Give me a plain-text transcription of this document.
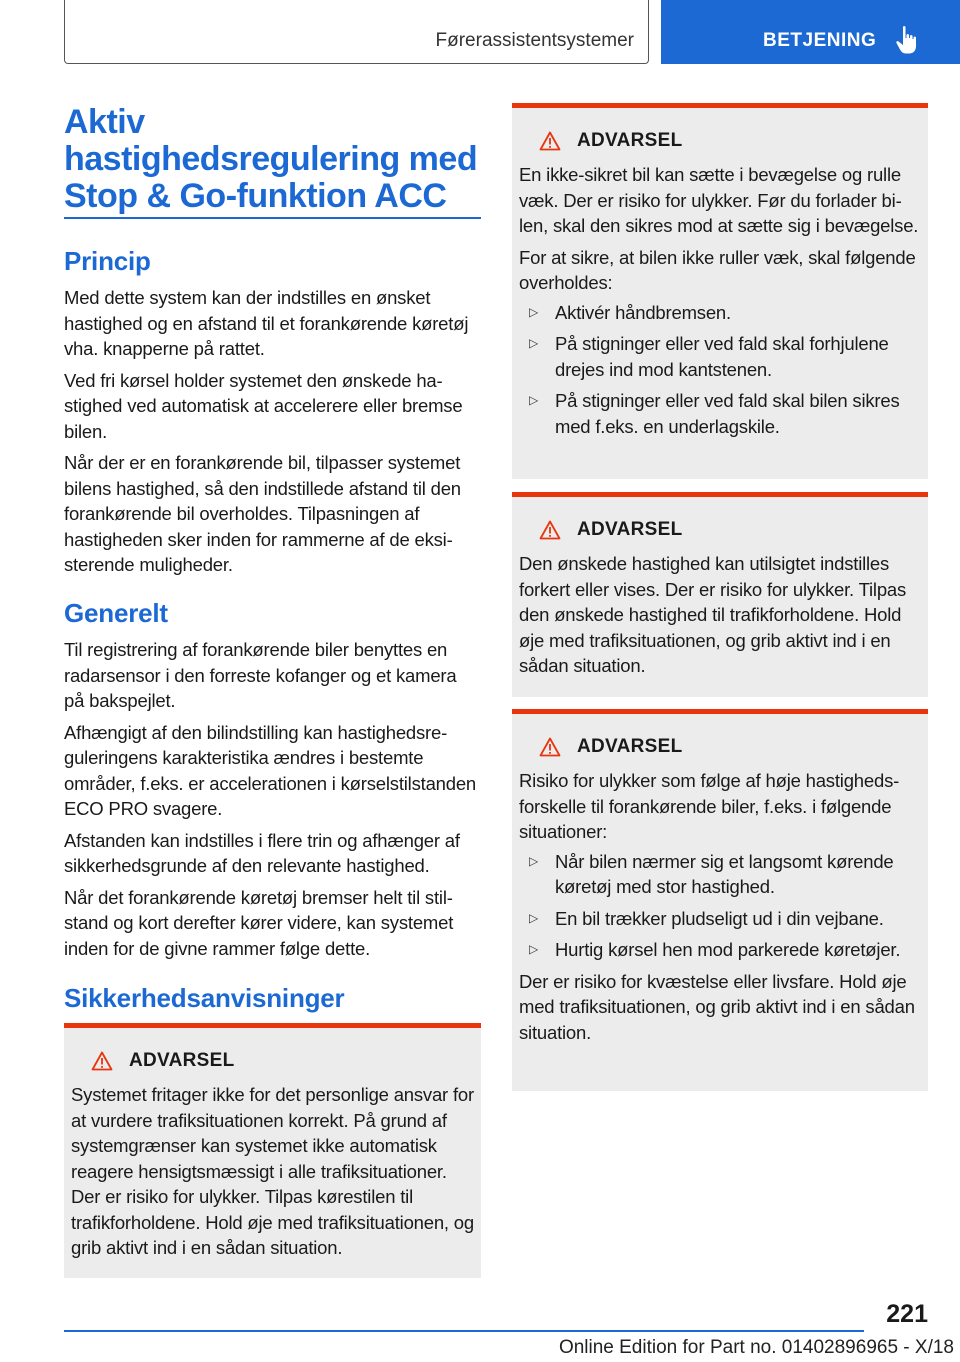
Førerassistentsystemer	BETJENING
Aktiv hastighedsregulering med Stop & Go-funktion ACC
Princip

Med dette system kan der indstilles en ønsket hastighed og en afstand til et forankørende køretøj vha. knapperne på rattet.

Ved fri kørsel holder systemet den ønskede hastighed ved automatisk at accelerere eller bremse bilen.

Når der er en forankørende bil, tilpasser systemet bilens hastighed, så den indstillede afstand til den forankørende bil overholdes. Tilpasningen af hastigheden sker inden for rammerne af de eksisterende muligheder.

Generelt

Til registrering af forankørende biler benyttes en radarsensor i den forreste kofanger og et kamera på bakspejlet.

Afhængigt af den bilindstilling kan hastighedsreguleringens karakteristika ændres i bestemte områder, f.eks. er accelerationen i kørselstilstanden ECO PRO svagere.

Afstanden kan indstilles i flere trin og afhænger af sikkerhedsgrunde af den relevante hastighed.

Når det forankørende køretøj bremser helt til stilstand og kort derefter kører videre, kan systemet inden for de givne rammer følge dette.

Sikkerhedsanvisninger
ADVARSEL

Systemet fritager ikke for det personlige ansvar for at vurdere trafiksituationen korrekt. På grund af systemgrænser kan systemet ikke automatisk reagere hensigtsmæssigt i alle trafiksituationer. Der er risiko for ulykker. Tilpas kørestilen til trafikforholdene. Hold øje med trafiksituationen, og grib aktivt ind i en sådan situation.

ADVARSEL

En ikke-sikret bil kan sætte i bevægelse og rulle væk. Der er risiko for ulykker. Før du forlader bilen, skal den sikres mod at sætte sig i bevægelse.

For at sikre, at bilen ikke ruller væk, skal følgende overholdes:

▷ Aktivér håndbremsen.
▷ På stigninger eller ved fald skal forhjulene drejes ind mod kantstenen.
▷ På stigninger eller ved fald skal bilen sikres med f.eks. en underlagskile.
ADVARSEL

Den ønskede hastighed kan utilsigtet indstilles forkert eller vises. Der er risiko for ulykker. Tilpas den ønskede hastighed til trafikforholdene. Hold øje med trafiksituationen, og grib aktivt ind i en sådan situation.

ADVARSEL

Risiko for ulykker som følge af høje hastighedsforskelle til forankørende biler, f.eks. i følgende situationer:

▷ Når bilen nærmer sig et langsomt kørende køretøj med stor hastighed.
▷ En bil trækker pludseligt ud i din vejbane.
▷ Hurtig kørsel hen mod parkerede køretøjer.

Der er risiko for kvæstelse eller livsfare. Hold øje med trafiksituationen, og grib aktivt ind i en sådan situation.

221
Online Edition for Part no. 01402896965 - X/18
